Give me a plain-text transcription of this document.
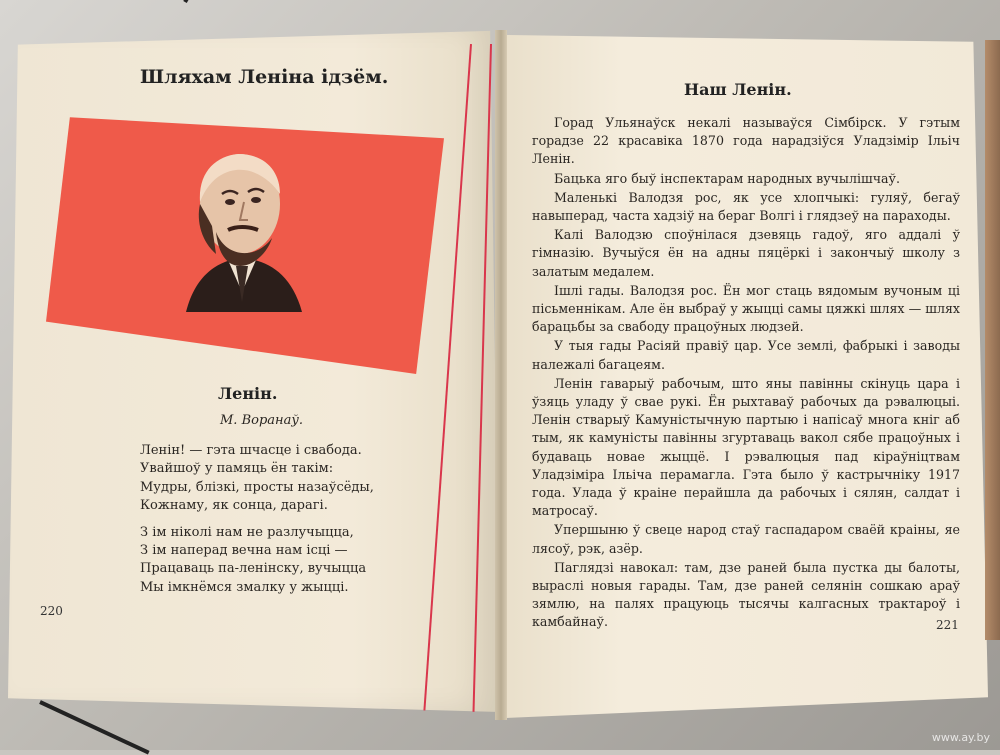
Шляхам Леніна ідзём.
Ленін.
М. Воранаў.
Ленін! — гэта шчасце і свабода.
Увайшоў у памяць ён такім:
Мудры, блізкі, просты назаўсёды,
Кожнаму, як сонца, дарагі.
З ім ніколі нам не разлучыцца,
З ім наперад вечна нам ісці —
Працаваць па-ленінску, вучыцца
Мы імкнёмся змалку у жыцці.
220
Наш Ленін.

Горад Ульянаўск некалі называўся Сімбірск. У гэтым горадзе 22 красавіка 1870 года нарадзіўся Уладзімір Ільіч Ленін.

Бацька яго быў інспектарам народных вучылішчаў.

Маленькі Валодзя рос, як усе хлопчыкі: гуляў, бегаў навыперад, часта хадзіў на бераг Волгі і глядзеў на параходы.

Калі Валодзю споўнілася дзевяць гадоў, яго аддалі ў гімназію. Вучыўся ён на адны пяцёркі і закончыў школу з залатым медалем.

Ішлі гады. Валодзя рос. Ён мог стаць вядомым вучоным ці пісьменнікам. Але ён выбраў у жыцці самы цяжкі шлях — шлях барацьбы за свабоду працоўных людзей.

У тыя гады Расіяй правіў цар. Усе землі, фабрыкі і заводы належалі багацеям.

Ленін гаварыў рабочым, што яны павінны скінуць цара і ўзяць уладу ў свае рукі. Ён рыхтаваў рабочых да рэвалюцыі. Ленін стварыў Камуністычную партыю і напісаў многа кніг аб тым, як камуністы павінны згуртаваць вакол сябе працоўных і будаваць новае жыццё. І рэвалюцыя пад кіраўніцтвам Уладзіміра Ільіча перамагла. Гэта было ў кастрычніку 1917 года. Улада ў краіне перайшла да рабочых і сялян, салдат і матросаў.

Упершыню ў свеце народ стаў гаспадаром сваёй краіны, яе лясоў, рэк, азёр.

Паглядзі навокал: там, дзе раней была пустка ды балоты, выраслі новыя гарады. Там, дзе раней селянін сошкаю араў зямлю, на палях працуюць тысячы калгасных трактароў і камбайнаў.	221
www.ay.by
